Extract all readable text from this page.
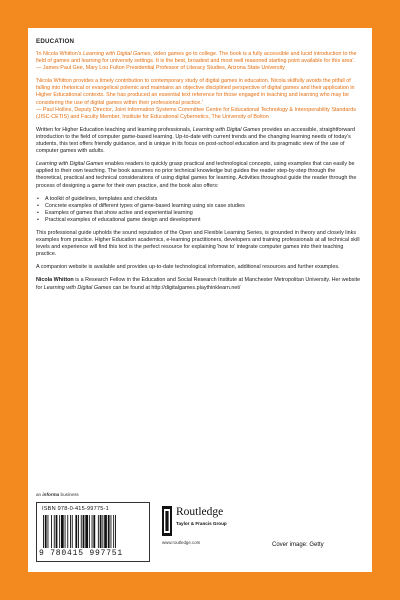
EDUCATION
'In Nicola Whitton's Learning with Digital Games, video games go to college. The book is a fully accessible and lucid introduction to the field of games and learning for university settings. It is the best, broadest and most well reasoned starting point available for this area'.
— James Paul Gee, Mary Lou Fulton Presidential Professor of Literacy Studies, Arizona State University
'Nicola Whitton provides a timely contribution to contemporary study of digital games in education. Nicola skilfully avoids the pitfall of falling into rhetorical or evangelical polemic and maintains an objective disciplined perspective of digital games and their application in Higher Educational contexts. She has produced an essential text reference for those engaged in teaching and learning who may be considering the use of digital games within their professional practice.'
— Paul Hollins, Deputy Director, Joint Information Systems Committee Centre for Educational Technology & Interoperability Standards (JISC-CETIS) and Faculty Member, Institute for Educational Cybernetics, The University of Bolton

Written for Higher Education teaching and learning professionals, Learning with Digital Games provides an accessible, straightforward introduction to the field of computer game-based learning. Up-to-date with current trends and the changing learning needs of today's students, this text offers friendly guidance, and is unique in its focus on post-school education and its pragmatic view of the use of computer games with adults.

Learning with Digital Games enables readers to quickly grasp practical and technological concepts, using examples that can easily be applied to their own teaching. The book assumes no prior technical knowledge but guides the reader step-by-step through the theoretical, practical and technical considerations of using digital games for learning. Activities throughout guide the reader through the process of designing a game for their own practice, and the book also offers:

• A toolkit of guidelines, templates and checklists
• Concrete examples of different types of game-based learning using six case studies
• Examples of games that show active and experiential learning
• Practical examples of educational game design and development

This professional guide upholds the sound reputation of the Open and Flexible Learning Series, is grounded in theory and closely links examples from practice. Higher Education academics, e-learning practitioners, developers and training professionals at all technical skill levels and experience will find this text is the perfect resource for explaining 'how to' integrate computer games into their teaching practice.

A companion website is available and provides up-to-date technological information, additional resources and further examples.

Nicola Whitton is a Research Fellow in the Education and Social Research Institute at Manchester Metropolitan University. Her website for Learning with Digital Games can be found at http://digitalgames.playthinklearn.net/

an informa business
ISBN 978-0-415-99775-1
9 780415 997751
Routledge
Taylor & Francis Group
www.routledge.com	Cover image: Getty
